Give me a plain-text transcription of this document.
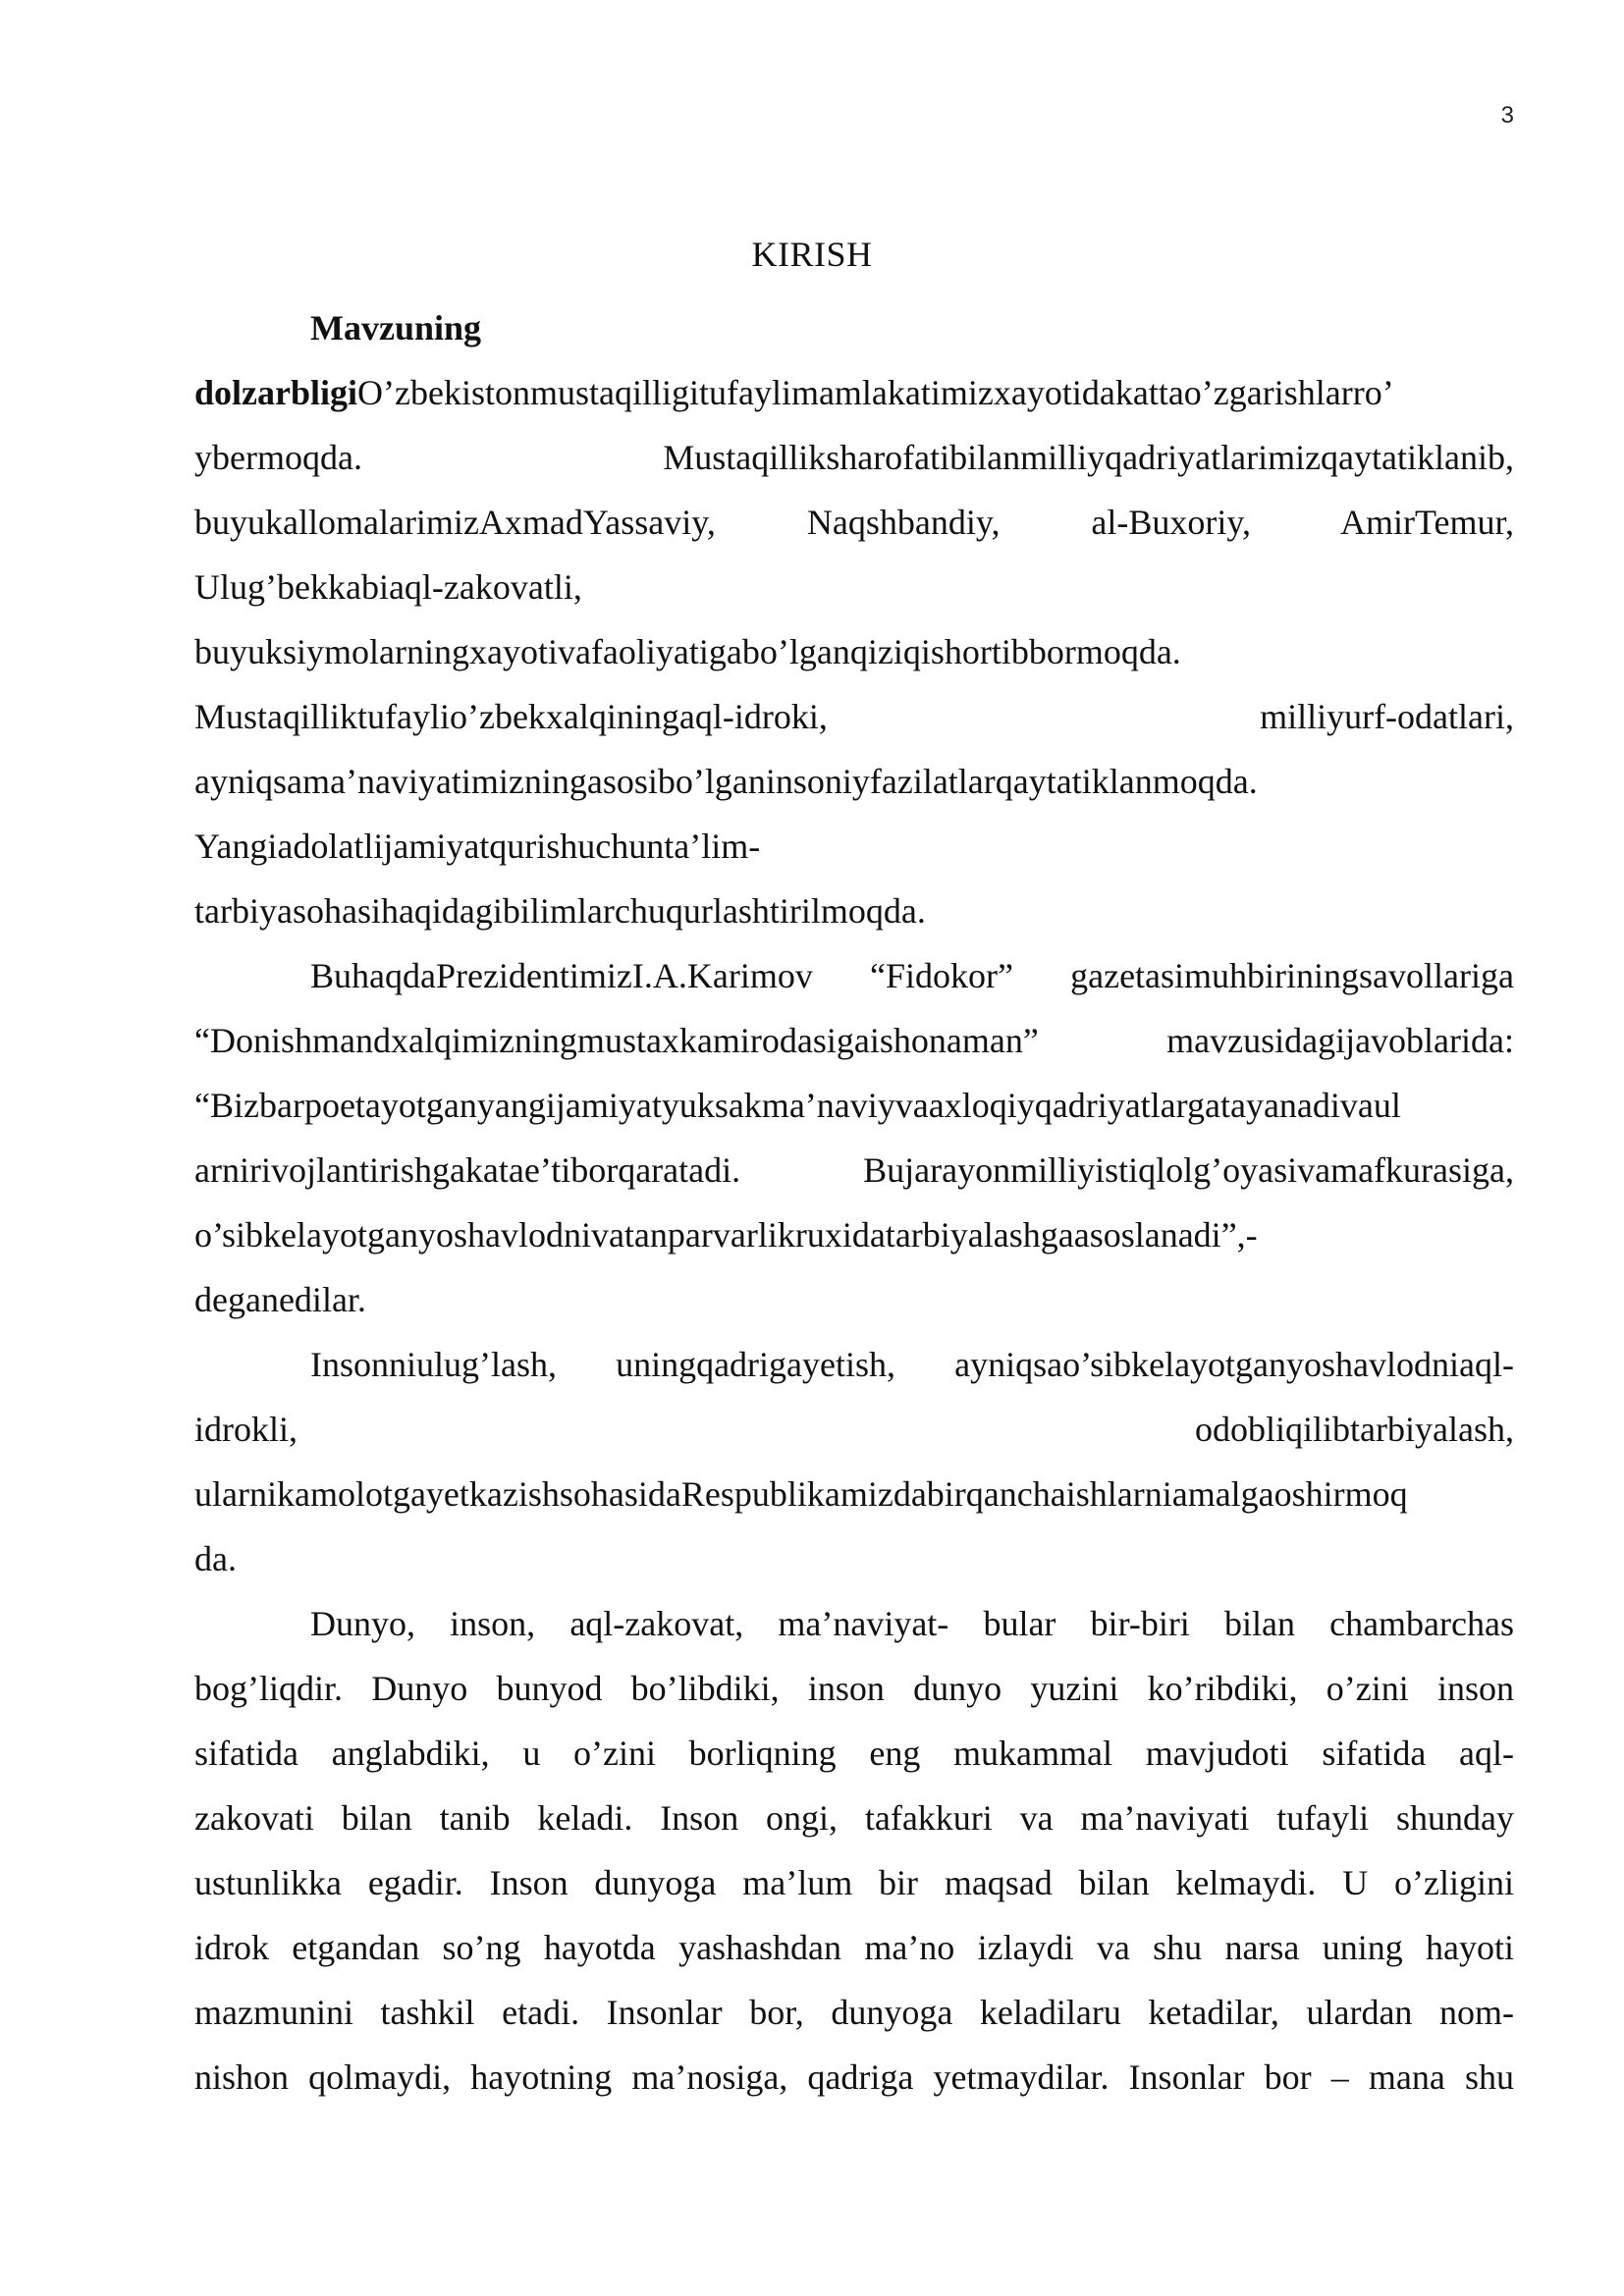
3
KIRISH
Mavzuning
dolzarbligiO’zbekistonmustaqilligitufaylimamlakatimizxayotidakattao’zgarishlarro’
ybermoqda. Mustaqilliksharofatibilanmilliyqadriyatlarimizqaytatiklanib,
buyukallomalarimizAxmadYassaviy, Naqshbandiy, al-Buxoriy, AmirTemur,
Ulug’bekkabiaql-zakovatli,
buyuksiymolarningxayotivafaoliyatigabo’lganqiziqishortibbormoqda.
Mustaqilliktufaylio’zbekxalqiningaql-idroki, milliyurf-odatlari,
ayniqsama’naviyatimizningasosibo’lganinsoniyfazilatlarqaytatiklanmoqda.
Yangiadolatlijamiyatqurishuchunta’lim-
tarbiyasohasihaqidagibilimlarchuqurlashtirilmoqda.
BuhaqdaPrezidentimizI.A.Karimov “Fidokor” gazetasimuhbiriningsavollariga
“Donishmandxalqimizningmustaxkamirodasigaishonaman” mavzusidagijavoblarida:
“Bizbarpoetayotganyangijamiyatyuksakma’naviyvaaxloqiyqadriyatlargatayanadivaul
arnirivojlantirishgakatae’tiborqaratadi. Bujarayonmilliyistiqlolg’oyasivamafkurasiga,
o’sibkelayotganyoshavlodnivatanparvarlikruxidatarbiyalashgaasoslanadi”,-
deganedilar.
Insonniulug’lash, uningqadrigayetish, ayniqsao’sibkelayotganyoshavlodniaql-
idrokli, odobliqilibtarbiyalash,
ularnikamolotgayetkazishsohasidaRespublikamizdabirqanchaishlarniamalgaoshirmoq
da.
Dunyo, inson, aql-zakovat, ma’naviyat- bular bir-biri bilan chambarchas
bog’liqdir. Dunyo bunyod bo’libdiki, inson dunyo yuzini ko’ribdiki, o’zini inson
sifatida anglabdiki, u o’zini borliqning eng mukammal mavjudoti sifatida aql-
zakovati bilan tanib keladi. Inson ongi, tafakkuri va ma’naviyati tufayli shunday
ustunlikka egadir. Inson dunyoga ma’lum bir maqsad bilan kelmaydi. U o’zligini
idrok etgandan so’ng hayotda yashashdan ma’no izlaydi va shu narsa uning hayoti
mazmunini tashkil etadi. Insonlar bor, dunyoga keladilaru ketadilar, ulardan nom-
nishon qolmaydi, hayotning ma’nosiga, qadriga yetmaydilar. Insonlar bor – mana shu
